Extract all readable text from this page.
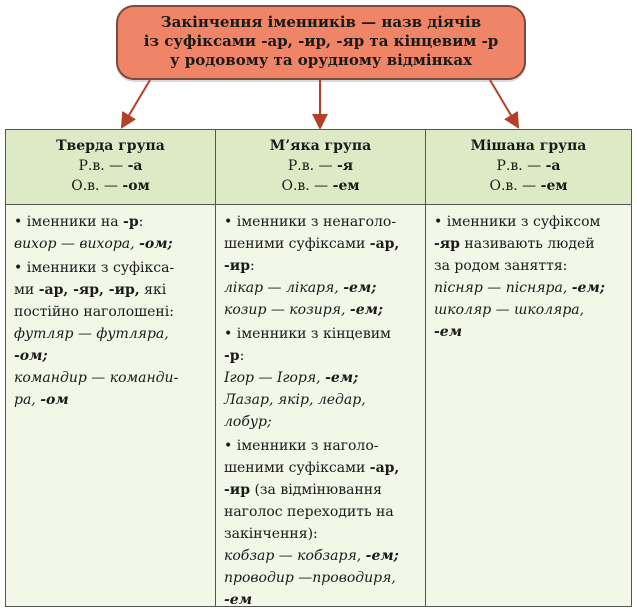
Закінчення іменників — назв діячів
із суфіксами -ар, -ир, -яр та кінцевим -р
у родовому та орудному відмінках
Тверда група
Р.в. — -а
О.в. — -ом
• іменники на -р:
вихор — вихора, -ом;
• іменники з суфікса-
ми -ар, -яр, -ир, які
постійно наголошені:
футляр — футляра,
-ом;
командир — команди-
ра, -ом
М’яка група
Р.в. — -я
О.в. — -ем
• іменники з ненаголо-
шеними суфіксами -ар,
-ир:
лікар — лікаря, -ем;
козир — козиря, -ем;
• іменники з кінцевим
-р:
Ігор — Ігоря, -ем;
Лазар, якір, ледар,
лобур;
• іменники з наголо-
шеними суфіксами -ар,
-ир (за відмінювання
наголос переходить на
закінчення):
кобзар — кобзаря, -ем;
проводир —проводиря,
-ем
Мішана група
Р.в. — -а
О.в. — -ем
• іменники з суфіксом
-яр називають людей
за родом заняття:
пісняр — пісняра, -ем;
школяр — школяра,
-ем
